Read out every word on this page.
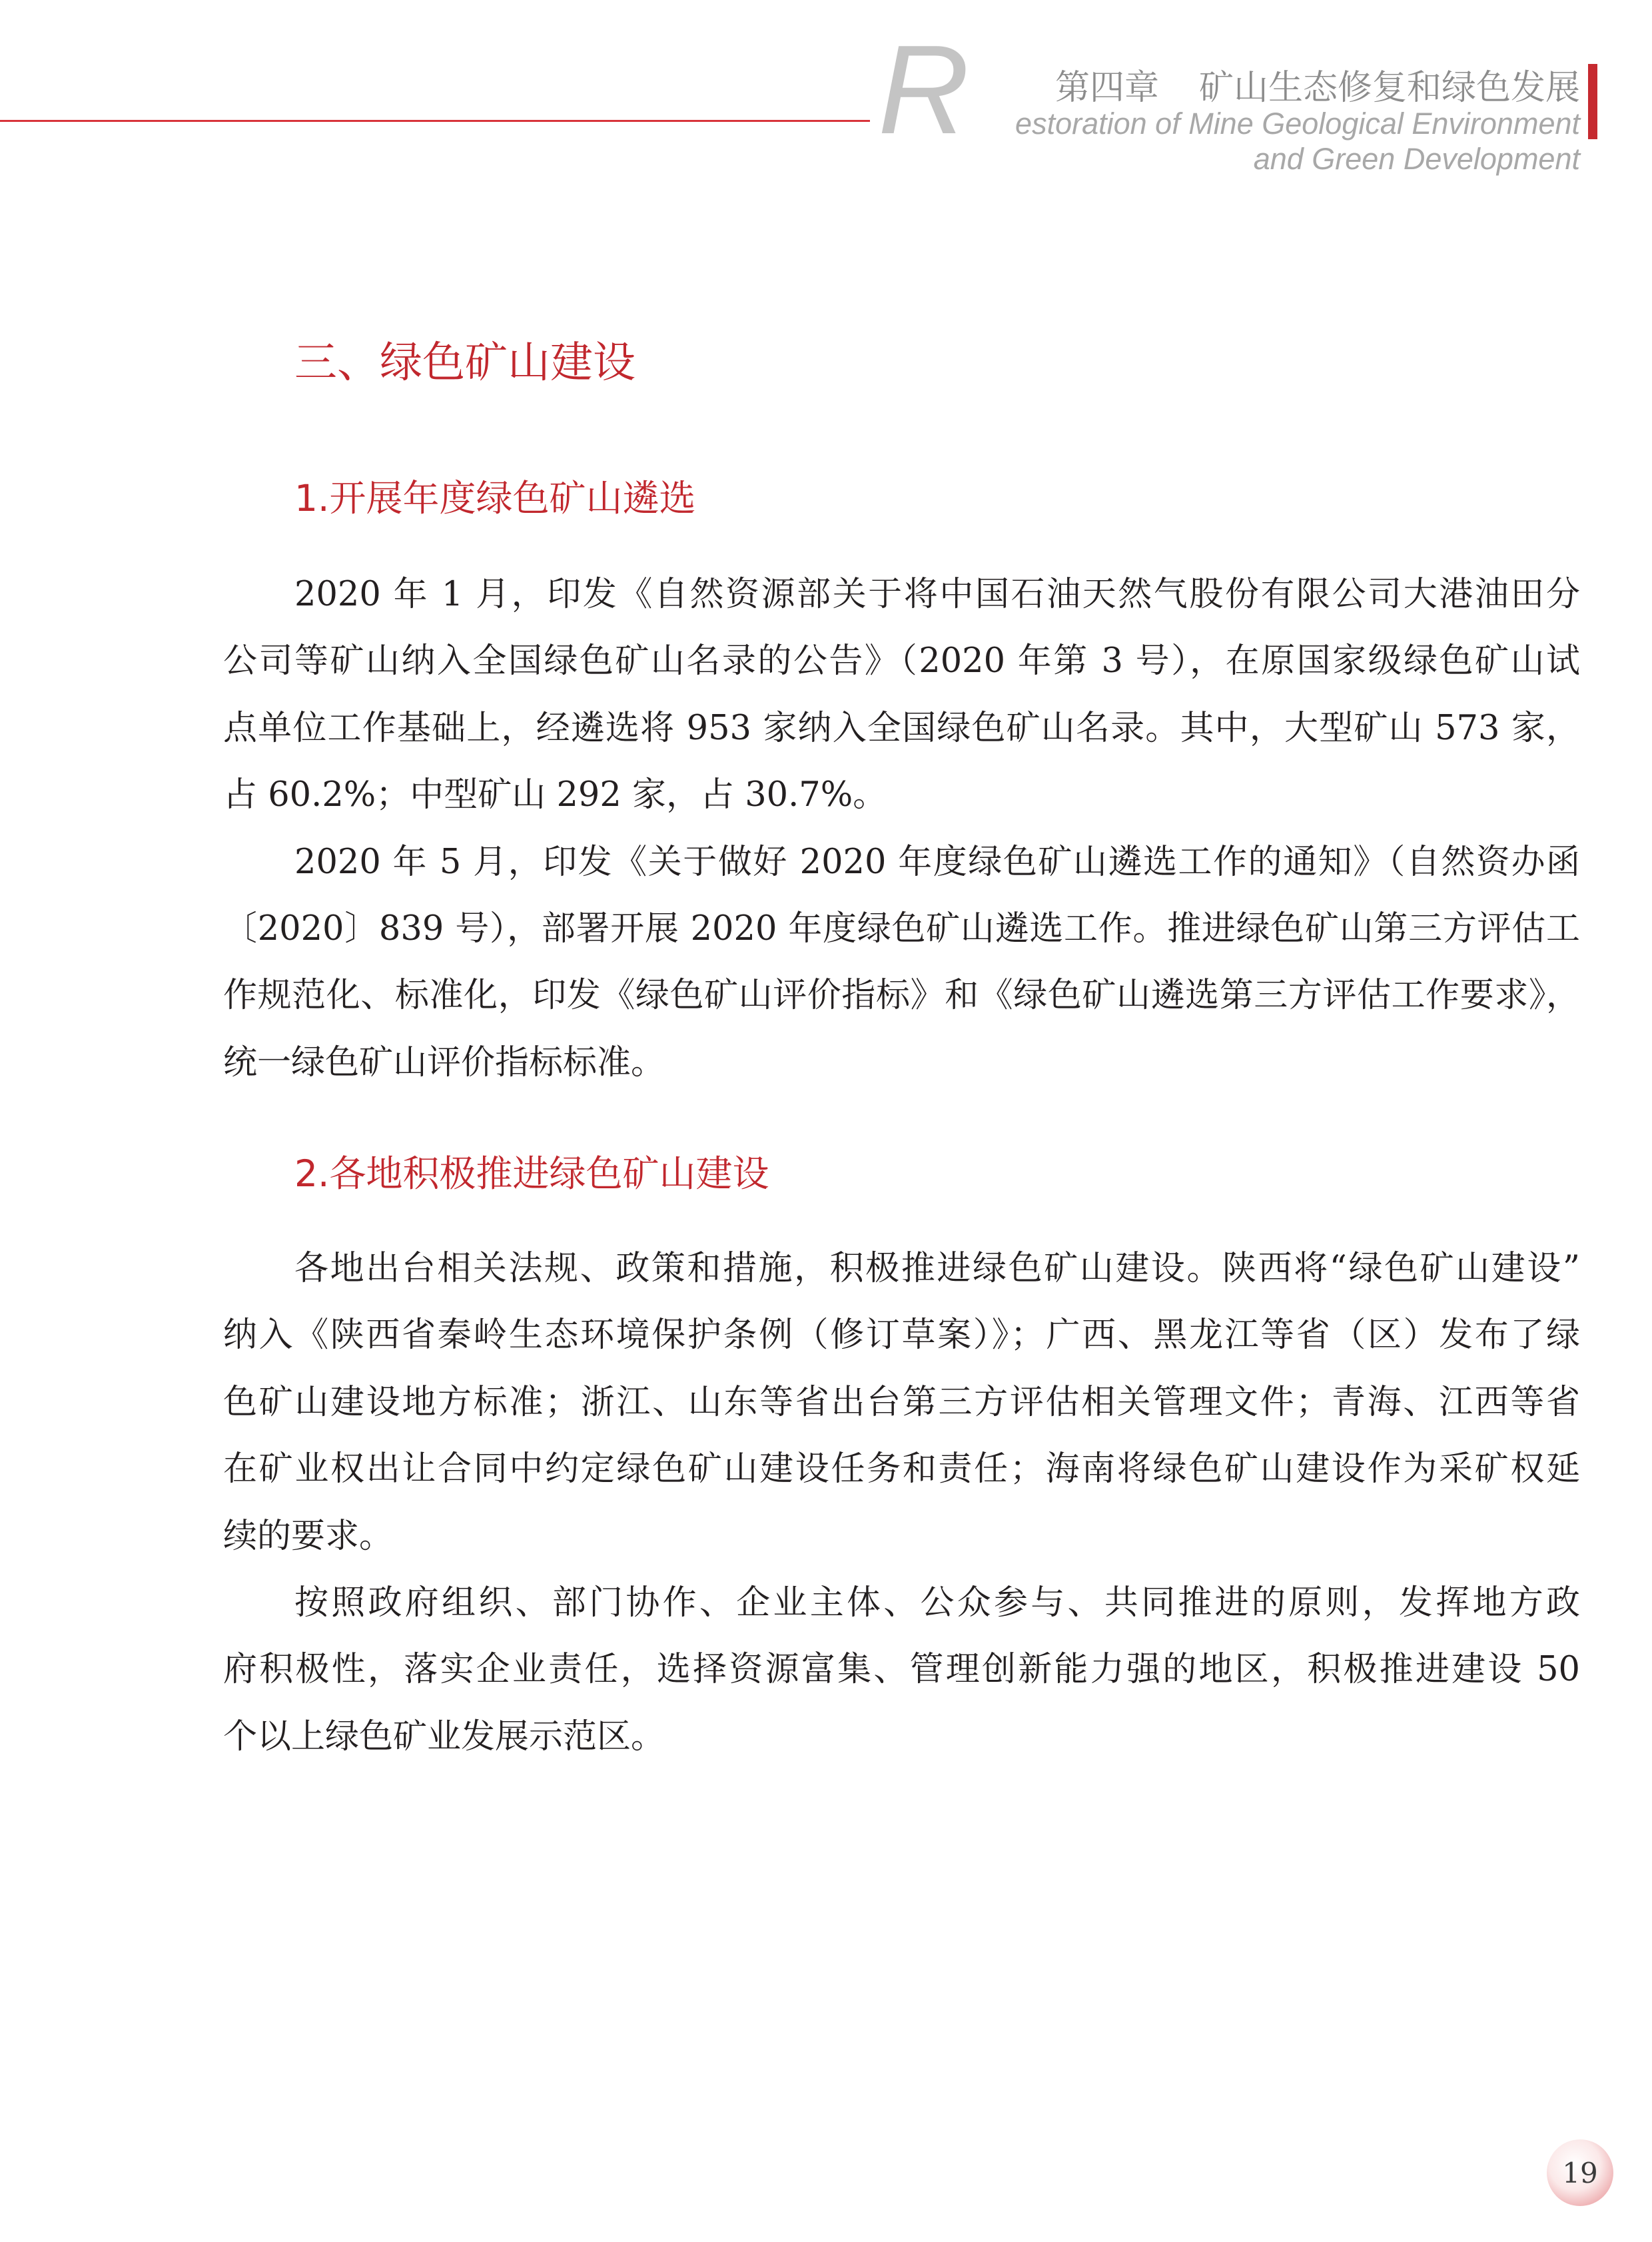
R 第四章 矿山生态修复和绿色发展
estoration of Mine Geological Environment
and Green Development
三、绿色矿山建设
1.开展年度绿色矿山遴选
2020 年 1 月，印发《自然资源部关于将中国石油天然气股份有限公司大港油田分
公司等矿山纳入全国绿色矿山名录的公告》（2020 年第 3 号），在原国家级绿色矿山试
点单位工作基础上，经遴选将 953 家纳入全国绿色矿山名录。其中，大型矿山 573 家，
占 60.2%；中型矿山 292 家，占 30.7%。
2020 年 5 月，印发《关于做好 2020 年度绿色矿山遴选工作的通知》（自然资办函
〔2020〕839 号），部署开展 2020 年度绿色矿山遴选工作。推进绿色矿山第三方评估工
作规范化、标准化，印发《绿色矿山评价指标》和《绿色矿山遴选第三方评估工作要求》，
统一绿色矿山评价指标标准。
2.各地积极推进绿色矿山建设
各地出台相关法规、政策和措施，积极推进绿色矿山建设。陕西将“绿色矿山建设”
纳入《陕西省秦岭生态环境保护条例（修订草案）》；广西、黑龙江等省（区）发布了绿
色矿山建设地方标准；浙江、山东等省出台第三方评估相关管理文件；青海、江西等省
在矿业权出让合同中约定绿色矿山建设任务和责任；海南将绿色矿山建设作为采矿权延
续的要求。
按照政府组织、部门协作、企业主体、公众参与、共同推进的原则，发挥地方政
府积极性，落实企业责任，选择资源富集、管理创新能力强的地区，积极推进建设 50
个以上绿色矿业发展示范区。
19
